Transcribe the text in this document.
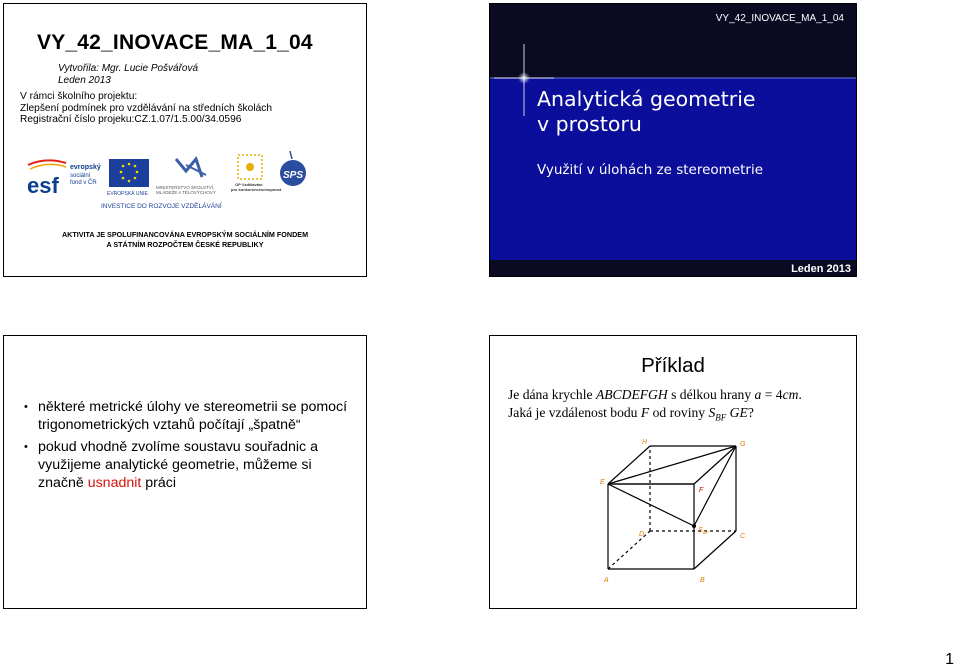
VY_42_INOVACE_MA_1_04
Vytvořila: Mgr. Lucie Pošvářová
Leden 2013
V rámci školního projektu:
Zlepšení podmínek pro vzdělávání na středních školách
Registrační číslo projeku:CZ.1.07/1.5.00/34.0596
esf
evropský
sociální
fond v ČR
EVROPSKÁ UNIE
MINISTERSTVO ŠKOLSTVÍ,
MLÁDEŽE A TĚLOVÝCHOVY
OP Vzdělávání
pro konkurenceschopnost
SPS
INVESTICE DO ROZVOJE VZDĚLÁVÁNÍ
AKTIVITA JE SPOLUFINANCOVÁNA EVROPSKÝM SOCIÁLNÍM FONDEM
A STÁTNÍM ROZPOČTEM ČESKÉ REPUBLIKY
VY_42_INOVACE_MA_1_04
Analytická geometrie
v prostoru
Využití v úlohách ze stereometrie
Leden 2013
• některé metrické úlohy ve stereometrii se pomocí trigonometrických vztahů počítají „špatně“
• pokud vhodně zvolíme soustavu souřadnic a využijeme analytické geometrie, můžeme si značně usnadnit práci
Příklad
Je dána krychle ABCDEFGH s délkou hrany a = 4cm.
Jaká je vzdálenost bodu F od roviny $S_{BF}$ GE?
A	B
C
D
E
G
H
S BF
F
1
